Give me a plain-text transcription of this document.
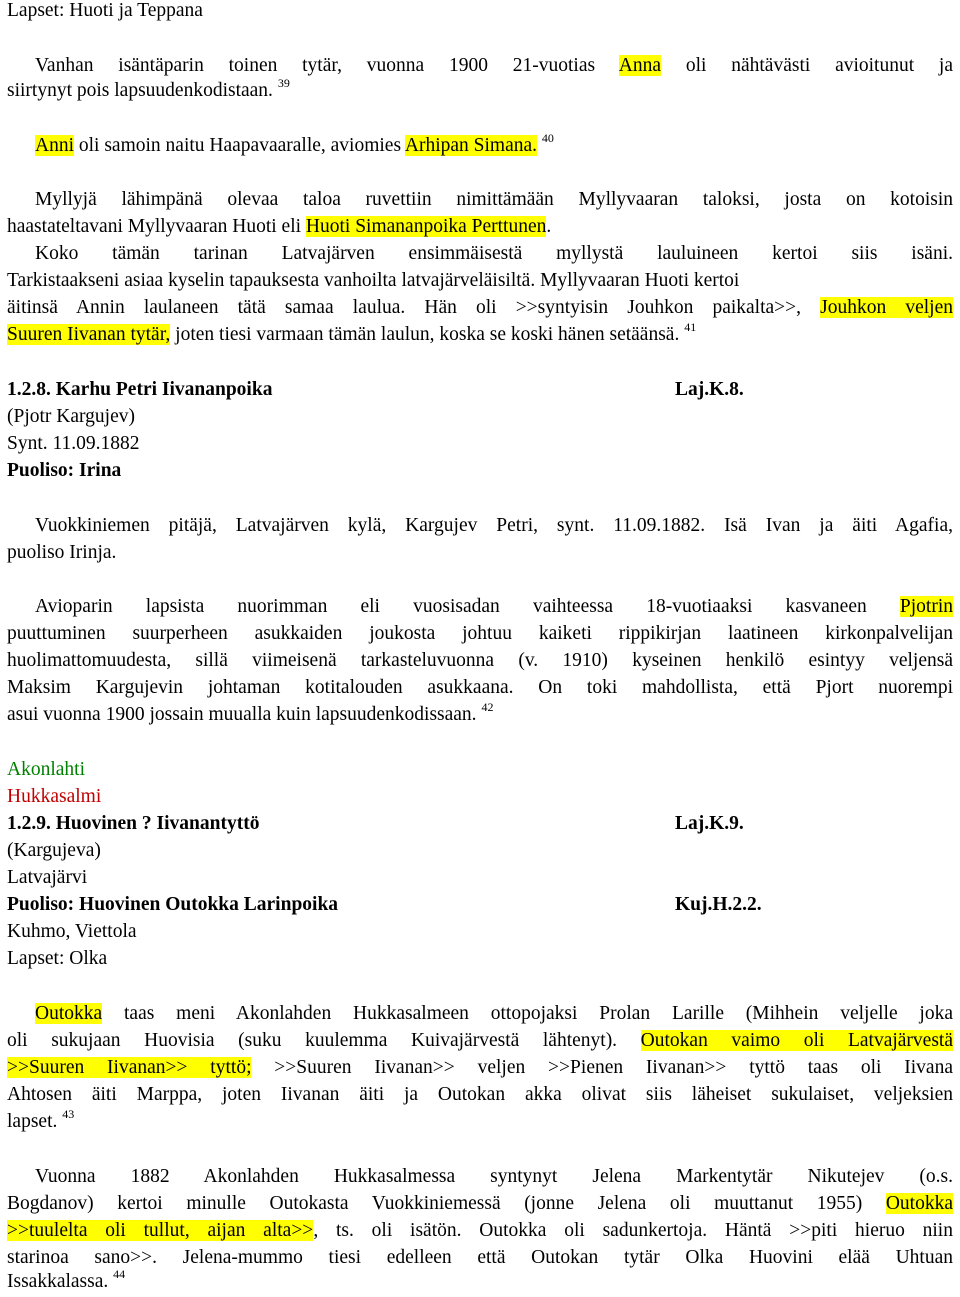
Lapset: Huoti ja Teppana
Vanhan isäntäparin toinen tytär, vuonna 1900 21-vuotias Anna oli nähtävästi avioitunut ja
siirtynyt pois lapsuudenkodistaan. $^{39}$
Anni oli samoin naitu Haapavaaralle, aviomies Arhipan Simana. $^{40}$
Myllyjä lähimpänä olevaa taloa ruvettiin nimittämään Myllyvaaran taloksi, josta on kotoisin
haastateltavani Myllyvaaran Huoti eli Huoti Simananpoika Perttunen.
Koko tämän tarinan Latvajärven ensimmäisestä myllystä lauluineen kertoi siis isäni.
Tarkistaakseni asiaa kyselin tapauksesta vanhoilta latvajärveläisiltä. Myllyvaaran Huoti kertoi
äitinsä Annin laulaneen tätä samaa laulua. Hän oli >>syntyisin Jouhkon paikalta>>, Jouhkon veljen
Suuren Iivanan tytär, joten tiesi varmaan tämän laulun, koska se koski hänen setäänsä. $^{41}$
1.2.8. Karhu Petri Iivananpoika	Laj.K.8.
(Pjotr Kargujev)
Synt. 11.09.1882
Puoliso: Irina
Vuokkiniemen pitäjä, Latvajärven kylä, Kargujev Petri, synt. 11.09.1882. Isä Ivan ja äiti Agafia,
puoliso Irinja.
Avioparin lapsista nuorimman eli vuosisadan vaihteessa 18-vuotiaaksi kasvaneen Pjotrin
puuttuminen suurperheen asukkaiden joukosta johtuu kaiketi rippikirjan laatineen kirkonpalvelijan
huolimattomuudesta, sillä viimeisenä tarkasteluvuonna (v. 1910) kyseinen henkilö esintyy veljensä
Maksim Kargujevin johtaman kotitalouden asukkaana. On toki mahdollista, että Pjort nuorempi
asui vuonna 1900 jossain muualla kuin lapsuudenkodissaan. $^{42}$
Akonlahti
Hukkasalmi
1.2.9. Huovinen ? Iivanantyttö	Laj.K.9.
(Kargujeva)
Latvajärvi
Puoliso: Huovinen Outokka Larinpoika	Kuj.H.2.2.
Kuhmo, Viettola
Lapset: Olka
Outokka taas meni Akonlahden Hukkasalmeen ottopojaksi Prolan Larille (Mihhein veljelle joka
oli sukujaan Huovisia (suku kuulemma Kuivajärvestä lähtenyt). Outokan vaimo oli Latvajärvestä
>>Suuren Iivanan>> tyttö; >>Suuren Iivanan>> veljen >>Pienen Iivanan>> tyttö taas oli Iivana
Ahtosen äiti Marppa, joten Iivanan äiti ja Outokan akka olivat siis läheiset sukulaiset, veljeksien
lapset. $^{43}$
Vuonna 1882 Akonlahden Hukkasalmessa syntynyt Jelena Markentytär Nikutejev (o.s.
Bogdanov) kertoi minulle Outokasta Vuokkiniemessä (jonne Jelena oli muuttanut 1955) Outokka
>>tuulelta oli tullut, aijan alta>>, ts. oli isätön. Outokka oli sadunkertoja. Häntä >>piti hieruo niin
starinoa sano>>. Jelena-mummo tiesi edelleen että Outokan tytär Olka Huovini elää Uhtuan
Issakkalassa. $^{44}$
